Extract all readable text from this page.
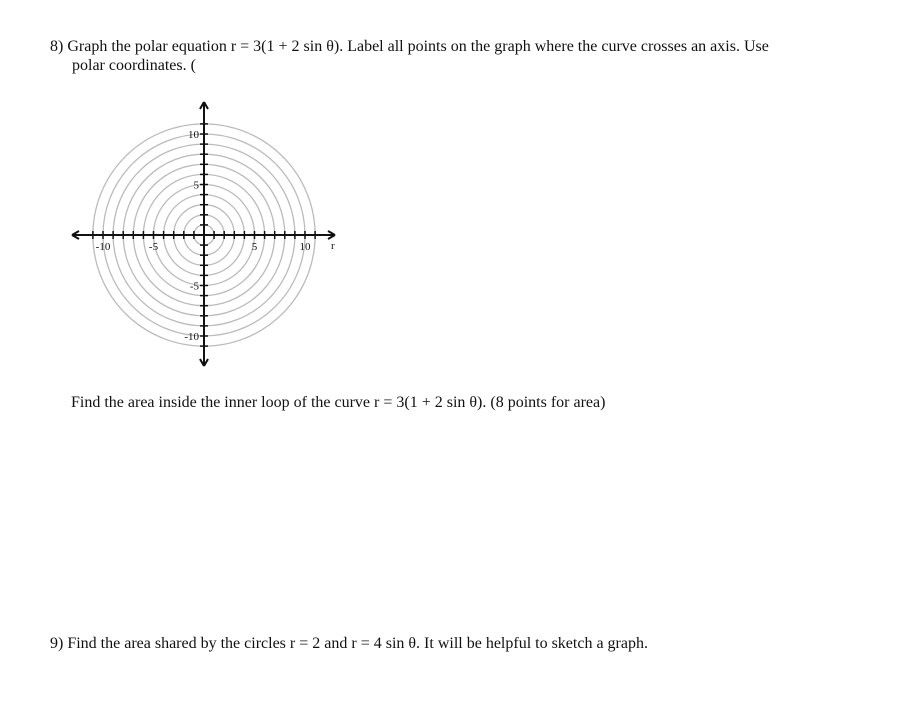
8) Graph the polar equation r = 3(1 + 2 sin θ). Label all points on the graph where the curve crosses an axis. Use
polar coordinates. (
-10	-5	5	10
10
5
-5
-10
r
Find the area inside the inner loop of the curve r = 3(1 + 2 sin θ). (8 points for area)
9) Find the area shared by the circles r = 2 and r = 4 sin θ. It will be helpful to sketch a graph.
